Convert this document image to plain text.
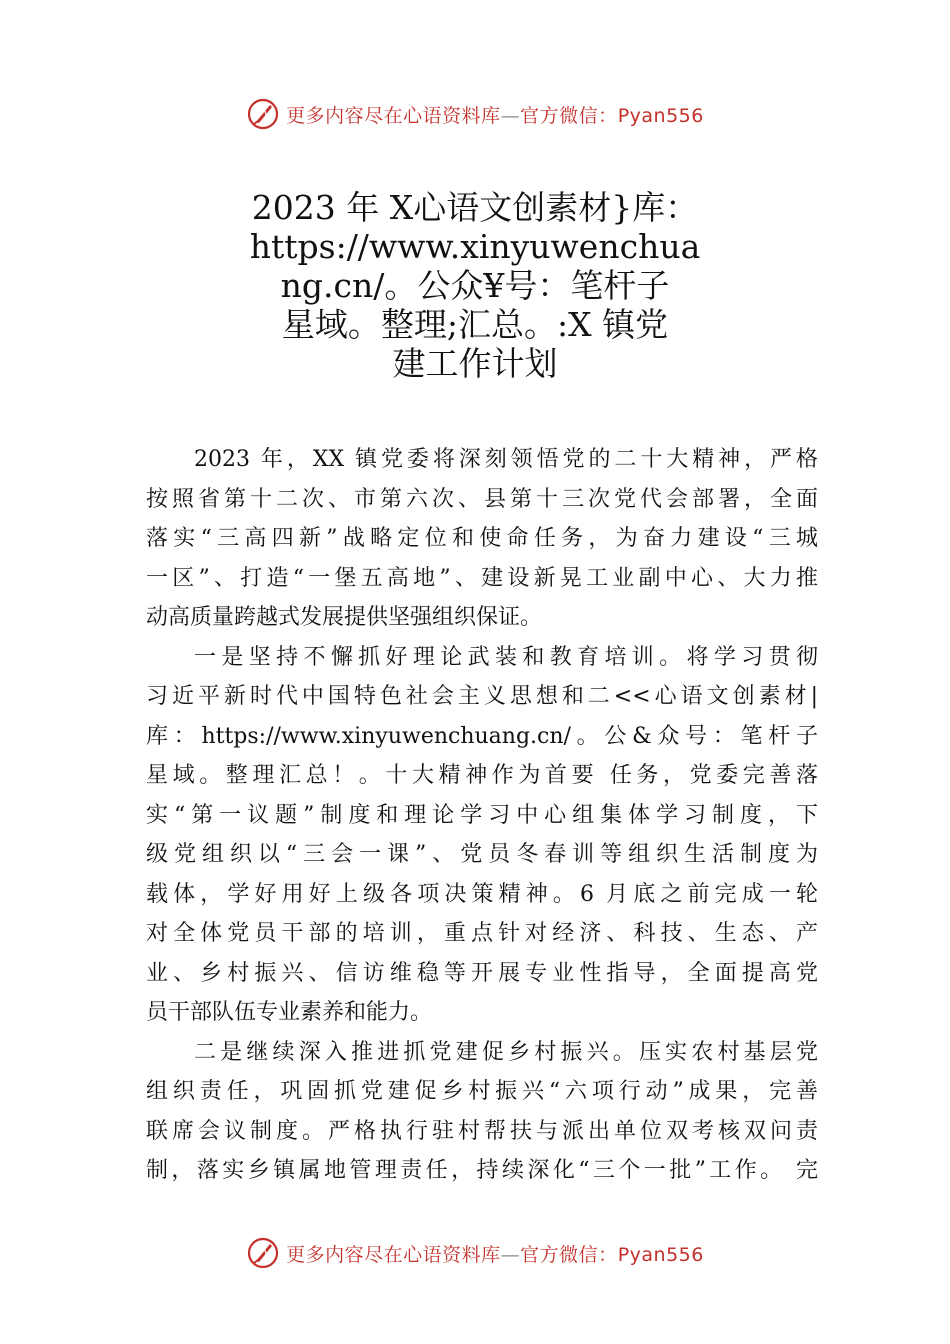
更多内容尽在心语资料库—官方微信：Pyan556
2023 年 X心语文创素材}库：
https://www.xinyuwenchua
ng.cn/。公众¥号：笔杆子
星域。整理;汇总。:X 镇党
建工作计划
2023 年，XX 镇党委将深刻领悟党的二十大精神，严格
按照省第十二次、市第六次、县第十三次党代会部署，全面
落实“三高四新”战略定位和使命任务，为奋力建设“三城
一区”、打造“一堡五高地”、建设新晃工业副中心、大力推
动高质量跨越式发展提供坚强组织保证。
一是坚持不懈抓好理论武装和教育培训。将学习贯彻
习近平新时代中国特色社会主义思想和二<<心语文创素材|
库：https://www.xinyuwenchuang.cn/。公&众号：笔杆子
星域。整理汇总！。十大精神作为首要 任务，党委完善落
实“第一议题”制度和理论学习中心组集体学习制度，下
级党组织以“三会一课”、党员冬春训等组织生活制度为
载体，学好用好上级各项决策精神。6 月底之前完成一轮
对全体党员干部的培训，重点针对经济、科技、生态、产
业、乡村振兴、信访维稳等开展专业性指导，全面提高党
员干部队伍专业素养和能力。
二是继续深入推进抓党建促乡村振兴。压实农村基层党
组织责任，巩固抓党建促乡村振兴“六项行动”成果，完善
联席会议制度。严格执行驻村帮扶与派出单位双考核双问责
制，落实乡镇属地管理责任，持续深化“三个一批”工作。 完
更多内容尽在心语资料库—官方微信：Pyan556
